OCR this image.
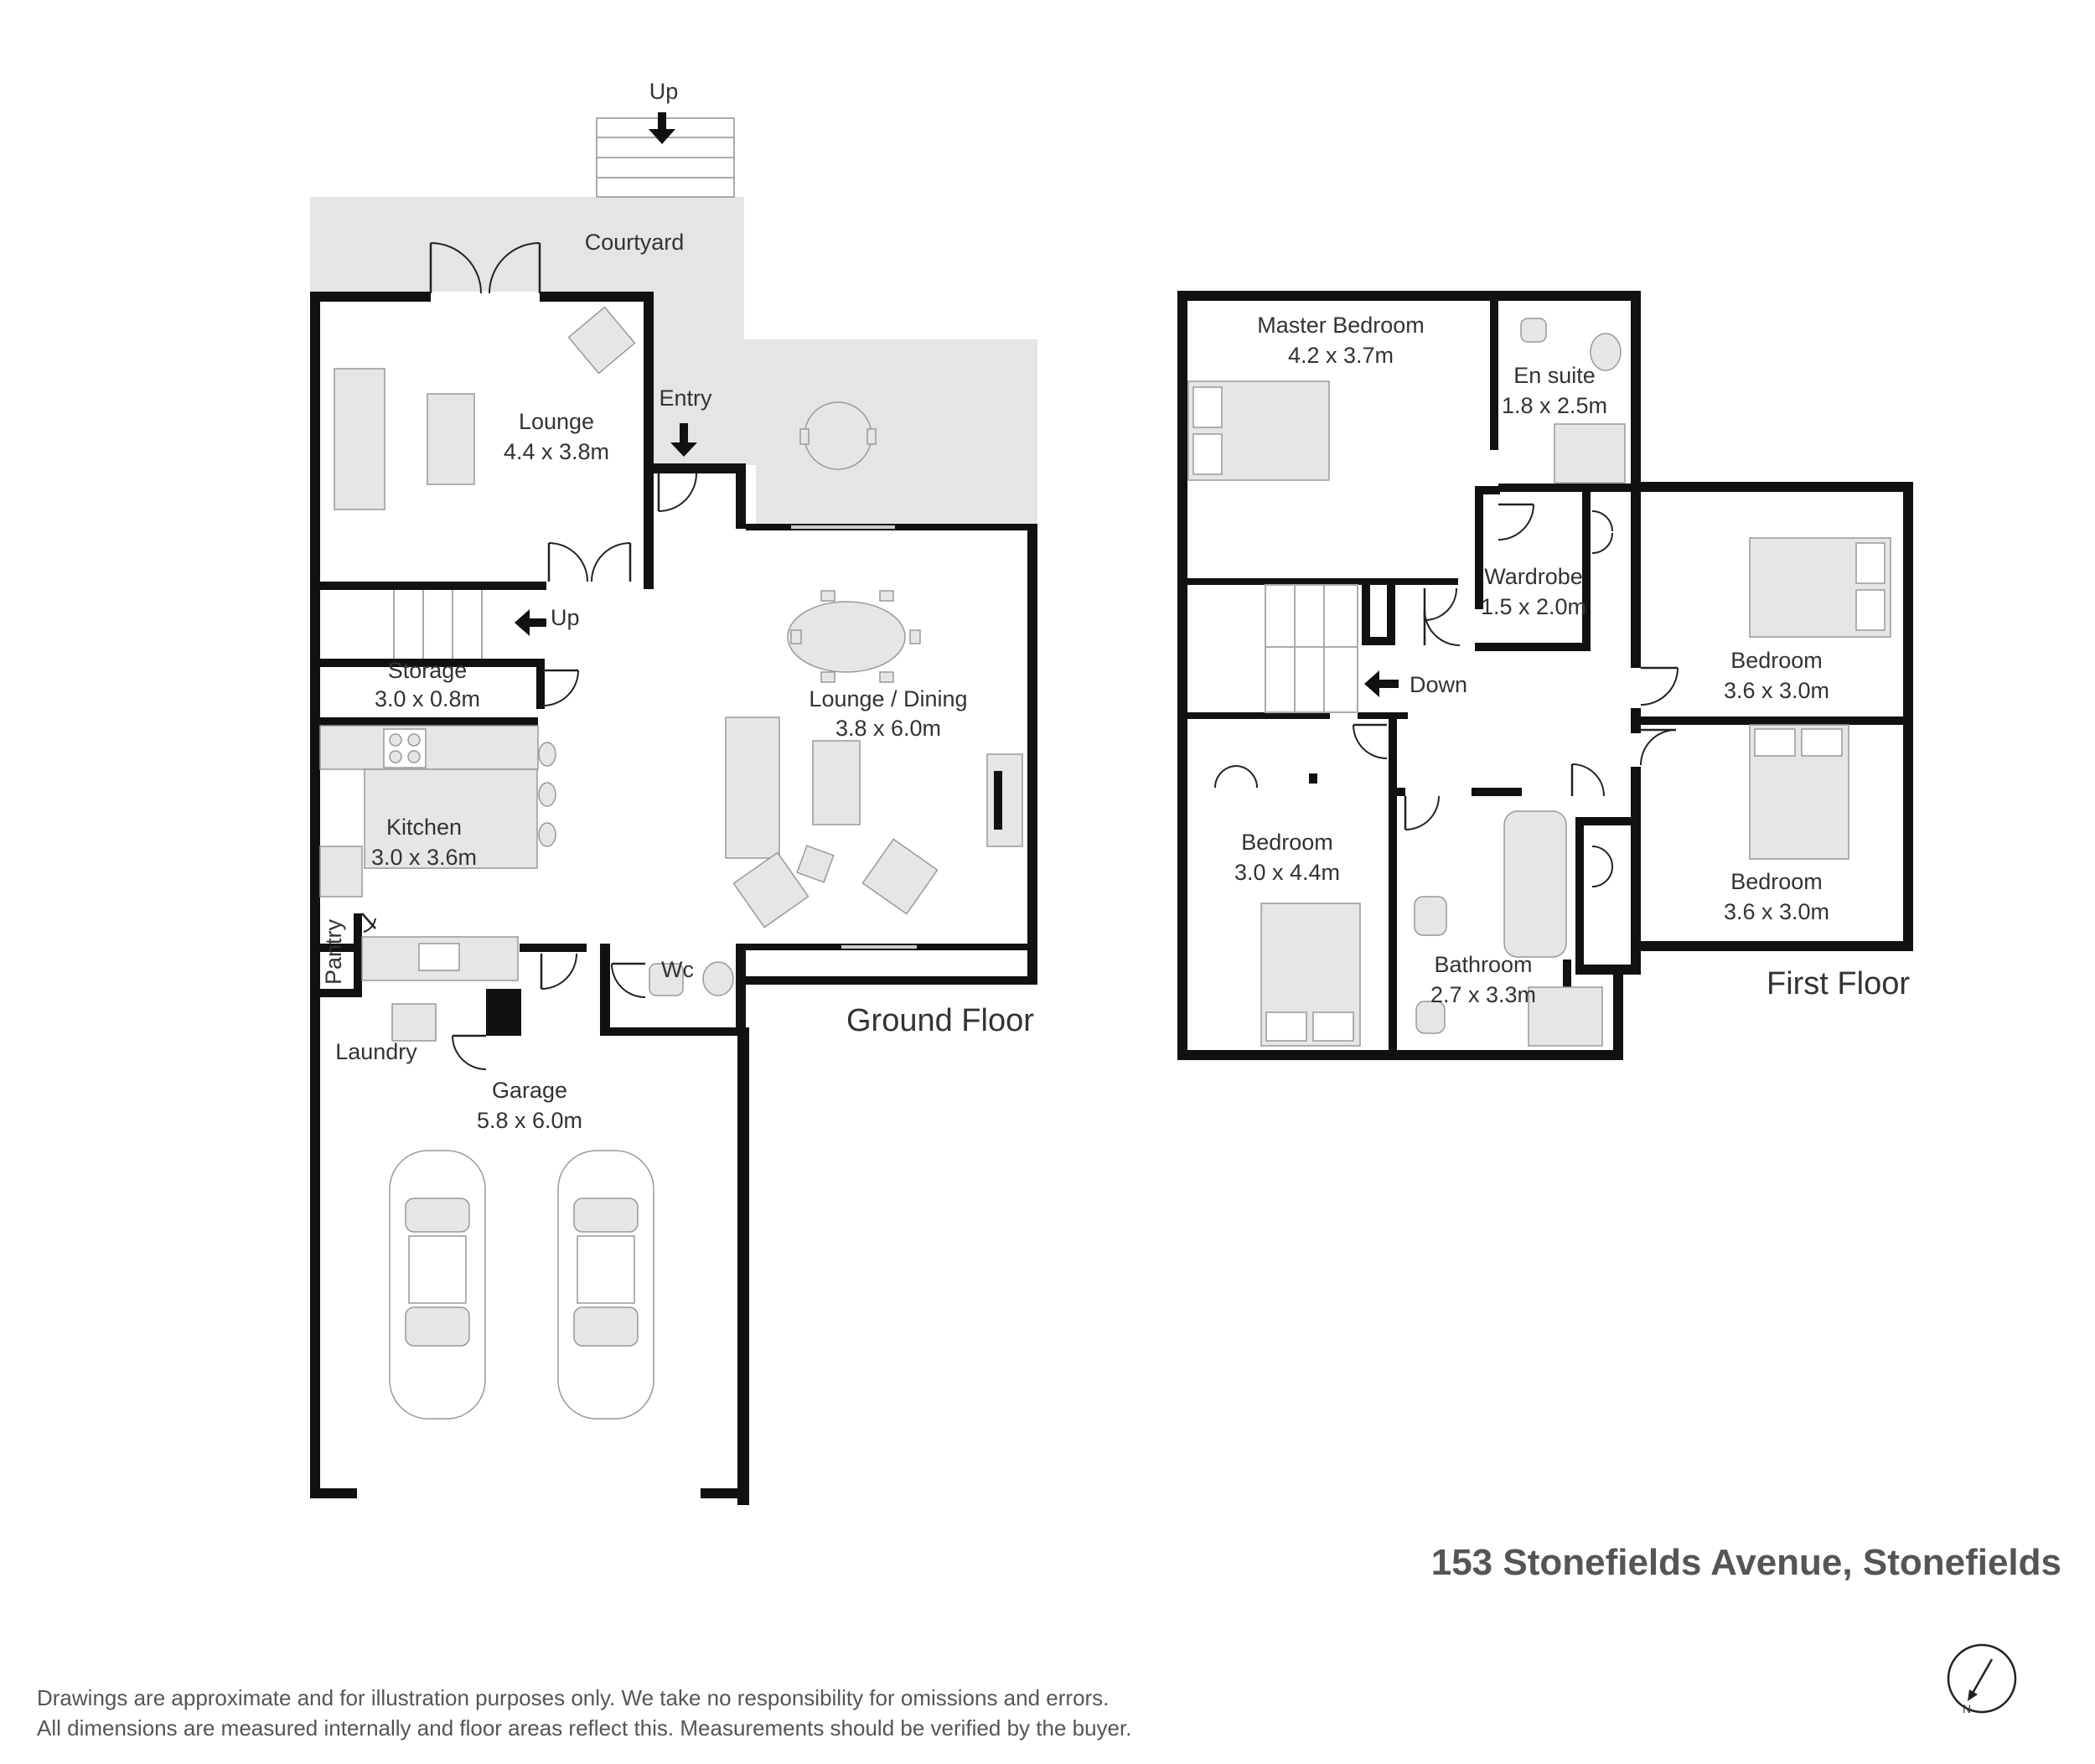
Up
Courtyard
Lounge
4.4 x 3.8m
Entry
Up
Storage
3.0 x 0.8m	Lounge / Dining
3.8 x 6.0m
Kitchen
3.0 x 3.6m
Pantry	Wc
Laundry
Garage
5.8 x 6.0m
Ground Floor
Master Bedroom
4.2 x 3.7m
En suite
1.8 x 2.5m
Wardrobe
1.5 x 2.0m
Down
Bedroom
3.6 x 3.0m
Bedroom
3.0 x 4.4m	Bedroom
3.6 x 3.0m
Bathroom
2.7 x 3.3m	First Floor
153 Stonefields Avenue, Stonefields
Drawings are approximate and for illustration purposes only. We take no responsibility for omissions and errors.
All dimensions are measured internally and floor areas reflect this. Measurements should be verified by the buyer.
N
